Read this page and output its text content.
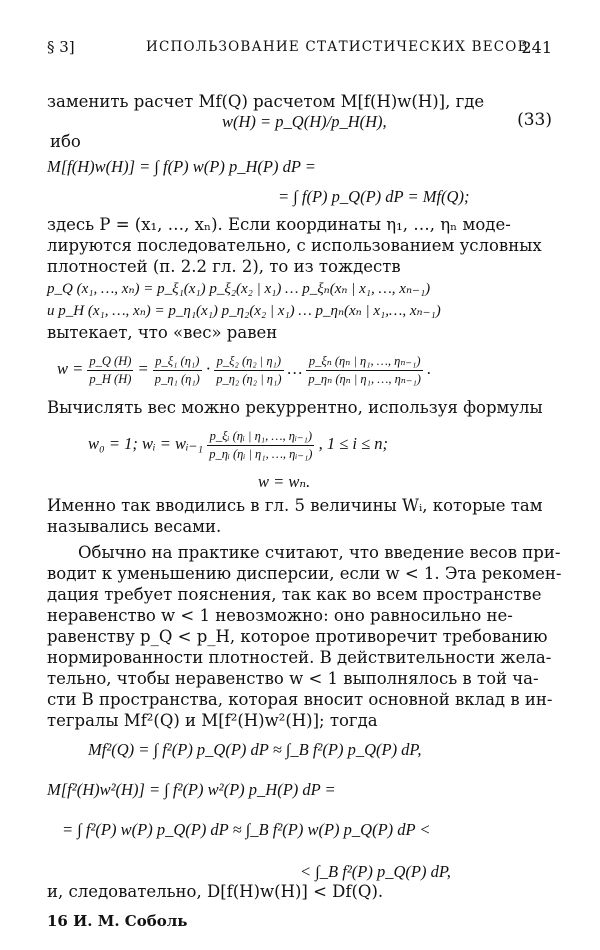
§ 3]	ИСПОЛЬЗОВАНИЕ СТАТИСТИЧЕСКИХ ВЕСОВ
241
заменить расчет Mf(Q) расчетом M[f(H)w(H)], где
w(H) = p_Q(H)/p_H(H),	(33)
ибо
M[f(H)w(H)] = ∫ f(P) w(P) p_H(P) dP =
= ∫ f(P) p_Q(P) dP = Mf(Q);
здесь P = (x₁, …, xₙ). Если координаты η₁, …, ηₙ моде-
лируются последовательно, с использованием условных
плотностей (п. 2.2 гл. 2), то из тождеств
p_Q (x₁, …, xₙ) = p_ξ₁(x₁) p_ξ₂(x₂ | x₁) … p_ξₙ(xₙ | x₁, …, xₙ₋₁)
и p_H (x₁, …, xₙ) = p_η₁(x₁) p_η₂(x₂ | x₁) … p_ηₙ(xₙ | x₁,…, xₙ₋₁)
вытекает, что «вес» равен
$w = \frac{p\_Q (H)}{p\_H (H)} = \frac{\text{p\_ξ₁ (η₁)}}{\text{p\_η₁ (η₁)}} \cdot \frac{\text{p\_ξ₂ (η₂ | η₁)}}{\text{p\_η₂ (η₂ | η₁)}}$ … $\frac{\text{p\_ξₙ (ηₙ | η₁, …, ηₙ₋₁)}}{\text{p\_ηₙ (ηₙ | η₁, …, ηₙ₋₁)}}$ .
Вычислять вес можно рекуррентно, используя формулы
w₀ = 1; wᵢ = wᵢ₋₁ $\frac{\text{p\_ξᵢ (ηᵢ | η₁, …, ηᵢ₋₁)}}{\text{p\_ηᵢ (ηᵢ | η₁, …, ηᵢ₋₁)}}$ , 1 ≤ i ≤ n;
w = wₙ.
Именно так вводились в гл. 5 величины Wᵢ, которые там
назывались весами.
Обычно на практике считают, что введение весов при-
водит к уменьшению дисперсии, если w < 1. Эта рекомен-
дация требует пояснения, так как во всем пространстве
неравенство w < 1 невозможно: оно равносильно не-
равенству p_Q < p_H, которое противоречит требованию
нормированности плотностей. В действительности жела-
тельно, чтобы неравенство w < 1 выполнялось в той ча-
сти B пространства, которая вносит основной вклад в ин-
тегралы Mf²(Q) и M[f²(H)w²(H)]; тогда
Mf²(Q) = ∫ f²(P) p_Q(P) dP ≈ ∫_B f²(P) p_Q(P) dP,
M[f²(H)w²(H)] = ∫ f²(P) w²(P) p_H(P) dP =
= ∫ f²(P) w(P) p_Q(P) dP ≈ ∫_B f²(P) w(P) p_Q(P) dP <
< ∫_B f²(P) p_Q(P) dP,
и, следовательно, D[f(H)w(H)] < Df(Q).
16 И. М. Соболь
